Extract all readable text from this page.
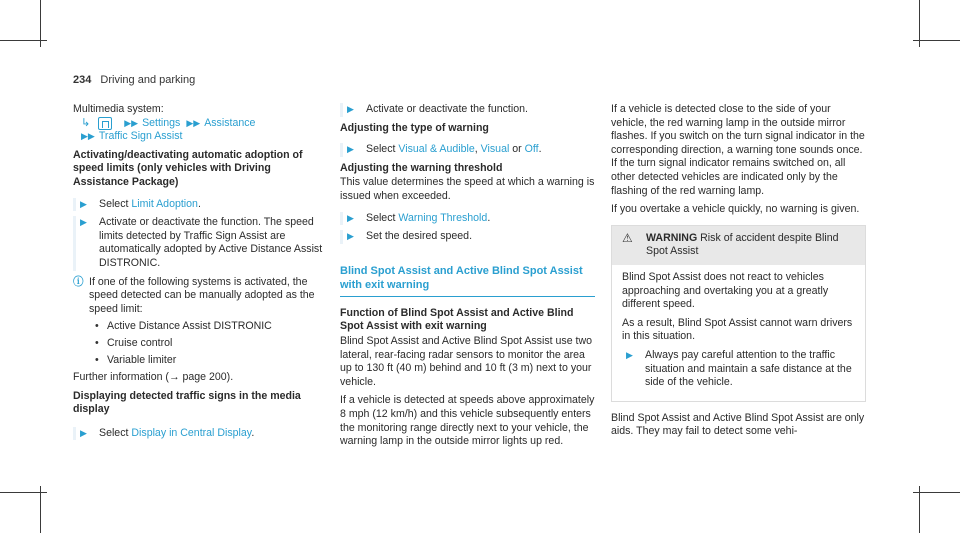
234 Driving and parking
Multimedia system:
↳	▶▶ Settings ▶▶ Assistance
▶▶ Traffic Sign Assist
Activating/deactivating automatic adoption of speed limits (only vehicles with Driving Assistance Package)
▶	Select Limit Adoption.
▶	Activate or deactivate the function. The speed limits detected by Traffic Sign Assist are automatically adopted by Active Distance Assist DISTRONIC.
ⓘ If one of the following systems is activated, the speed detected can be manually adopted as the speed limit:
• Active Distance Assist DISTRONIC
• Cruise control
• Variable limiter
Further information (→ page 200).
Displaying detected traffic signs in the media display
▶	Select Display in Central Display.
▶	Activate or deactivate the function.
Adjusting the type of warning
▶	Select Visual & Audible, Visual or Off.
Adjusting the warning threshold
This value determines the speed at which a warning is issued when exceeded.
▶	Select Warning Threshold.
▶	Set the desired speed.
Blind Spot Assist and Active Blind Spot Assist with exit warning
Function of Blind Spot Assist and Active Blind Spot Assist with exit warning
Blind Spot Assist and Active Blind Spot Assist use two lateral, rear-facing radar sensors to monitor the area up to 130 ft (40 m) behind and 10 ft (3 m) next to your vehicle.
If a vehicle is detected at speeds above approximately 8 mph (12 km/h) and this vehicle subsequently enters the monitoring range directly next to your vehicle, the warning lamp in the outside mirror lights up red.
If a vehicle is detected close to the side of your vehicle, the red warning lamp in the outside mirror flashes. If you switch on the turn signal indicator in the corresponding direction, a warning tone sounds once. If the turn signal indicator remains switched on, all other detected vehicles are indicated only by the flashing of the red warning lamp.
If you overtake a vehicle quickly, no warning is given.
⚠	WARNING Risk of accident despite Blind Spot Assist
Blind Spot Assist does not react to vehicles approaching and overtaking you at a greatly different speed.
As a result, Blind Spot Assist cannot warn drivers in this situation.
▶	Always pay careful attention to the traffic situation and maintain a safe distance at the side of the vehicle.
Blind Spot Assist and Active Blind Spot Assist are only aids. They may fail to detect some vehi-
